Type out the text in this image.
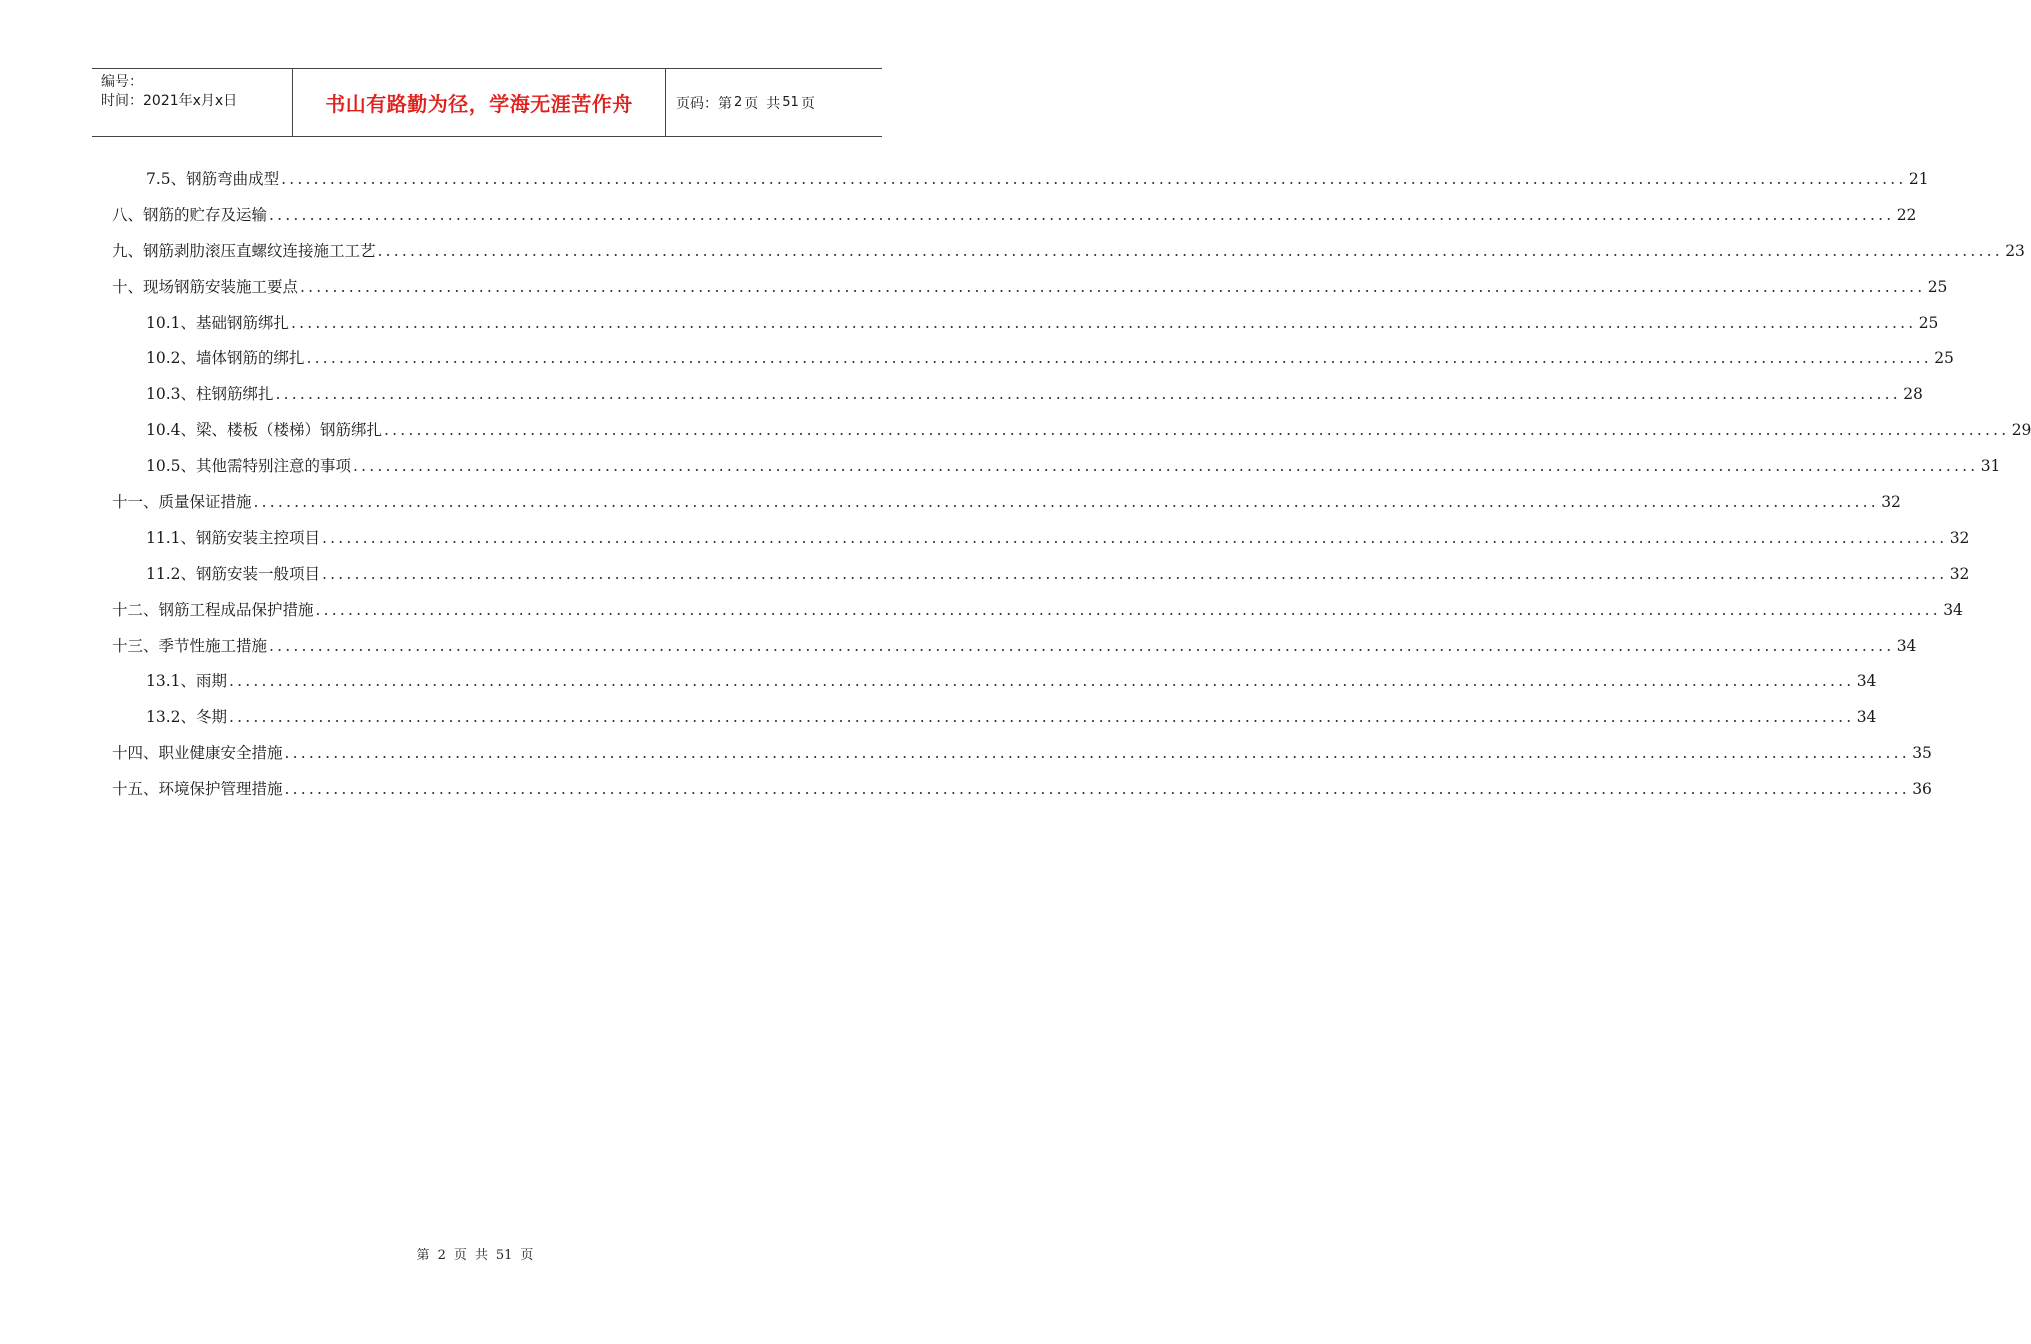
编号：
时间：2021年x月x日	书山有路勤为径，学海无涯苦作舟	页码：第 2 页 共 51 页
7.5、钢筋弯曲成型 ........................................................................................................................................................................................................ 21
八、钢筋的贮存及运输 ........................................................................................................................................................................................................ 22
九、钢筋剥肋滚压直螺纹连接施工工艺 ........................................................................................................................................................................................................ 23
十、现场钢筋安装施工要点 ........................................................................................................................................................................................................ 25
10.1、基础钢筋绑扎 ........................................................................................................................................................................................................ 25
10.2、墙体钢筋的绑扎 ........................................................................................................................................................................................................ 25
10.3、柱钢筋绑扎 ........................................................................................................................................................................................................ 28
10.4、梁、楼板（楼梯）钢筋绑扎 ........................................................................................................................................................................................................ 29
10.5、其他需特别注意的事项 ........................................................................................................................................................................................................ 31
十一、质量保证措施 ........................................................................................................................................................................................................ 32
11.1、钢筋安装主控项目 ........................................................................................................................................................................................................ 32
11.2、钢筋安装一般项目 ........................................................................................................................................................................................................ 32
十二、钢筋工程成品保护措施 ........................................................................................................................................................................................................ 34
十三、季节性施工措施 ........................................................................................................................................................................................................ 34
13.1、雨期 ........................................................................................................................................................................................................ 34
13.2、冬期 ........................................................................................................................................................................................................ 34
十四、职业健康安全措施 ........................................................................................................................................................................................................ 35
十五、环境保护管理措施 ........................................................................................................................................................................................................ 36
第 2 页 共 51 页
